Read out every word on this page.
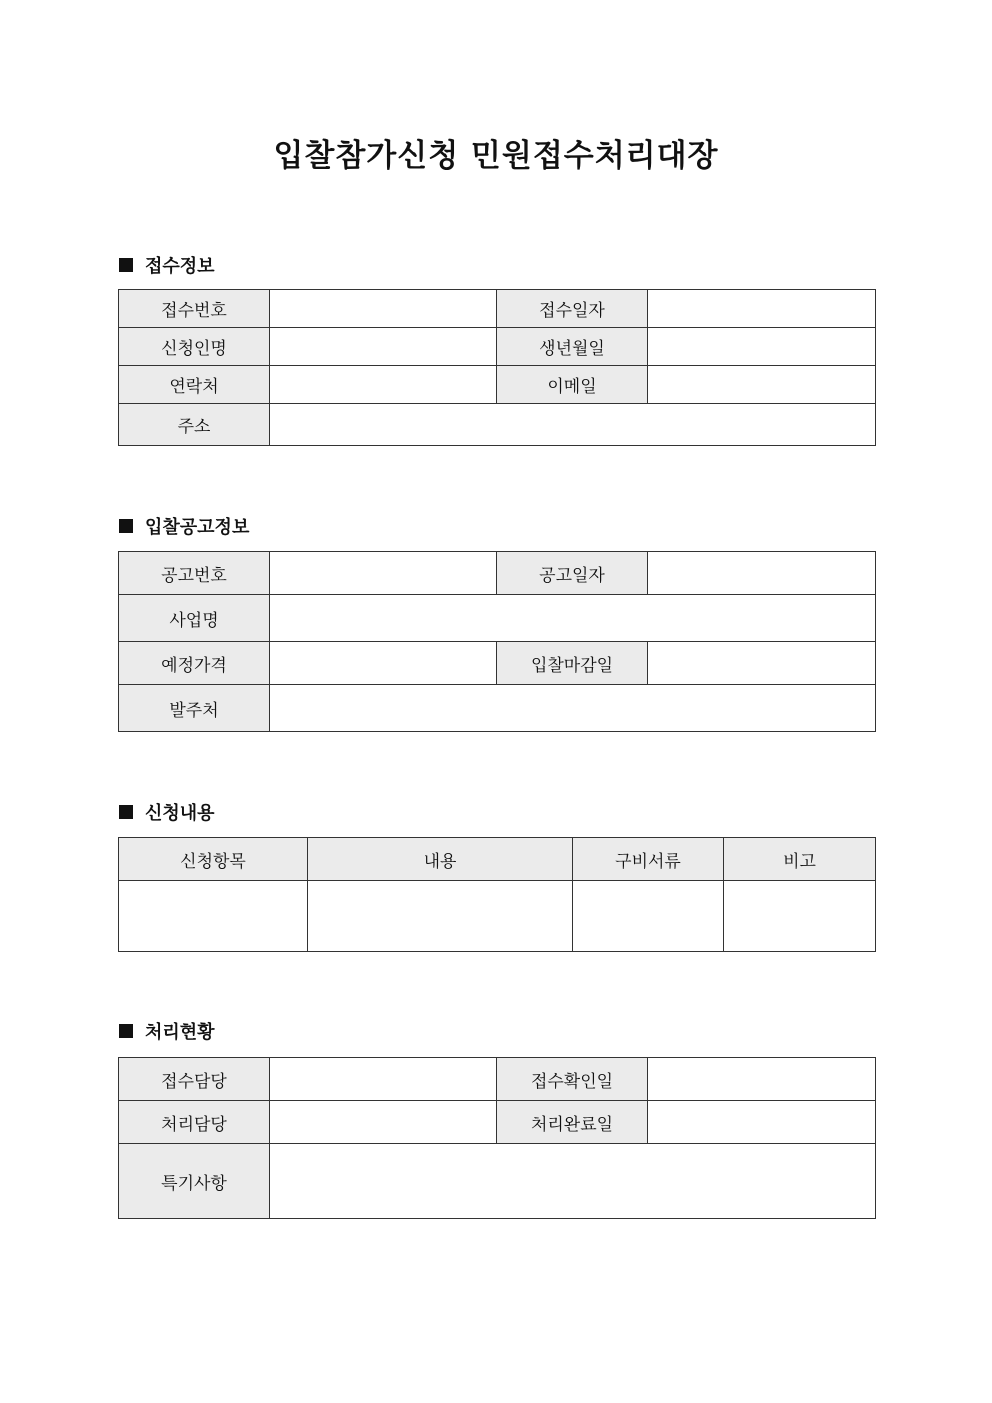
입찰참가신청 민원접수처리대장
접수정보
접수번호		접수일자	
신청인명		생년월일	
연락처		이메일	
주소	
입찰공고정보
공고번호		공고일자	
사업명	
예정가격		입찰마감일	
발주처	
신청내용
신청항목	내용	구비서류	비고

처리현황
접수담당		접수확인일	
처리담당		처리완료일	
특기사항	
